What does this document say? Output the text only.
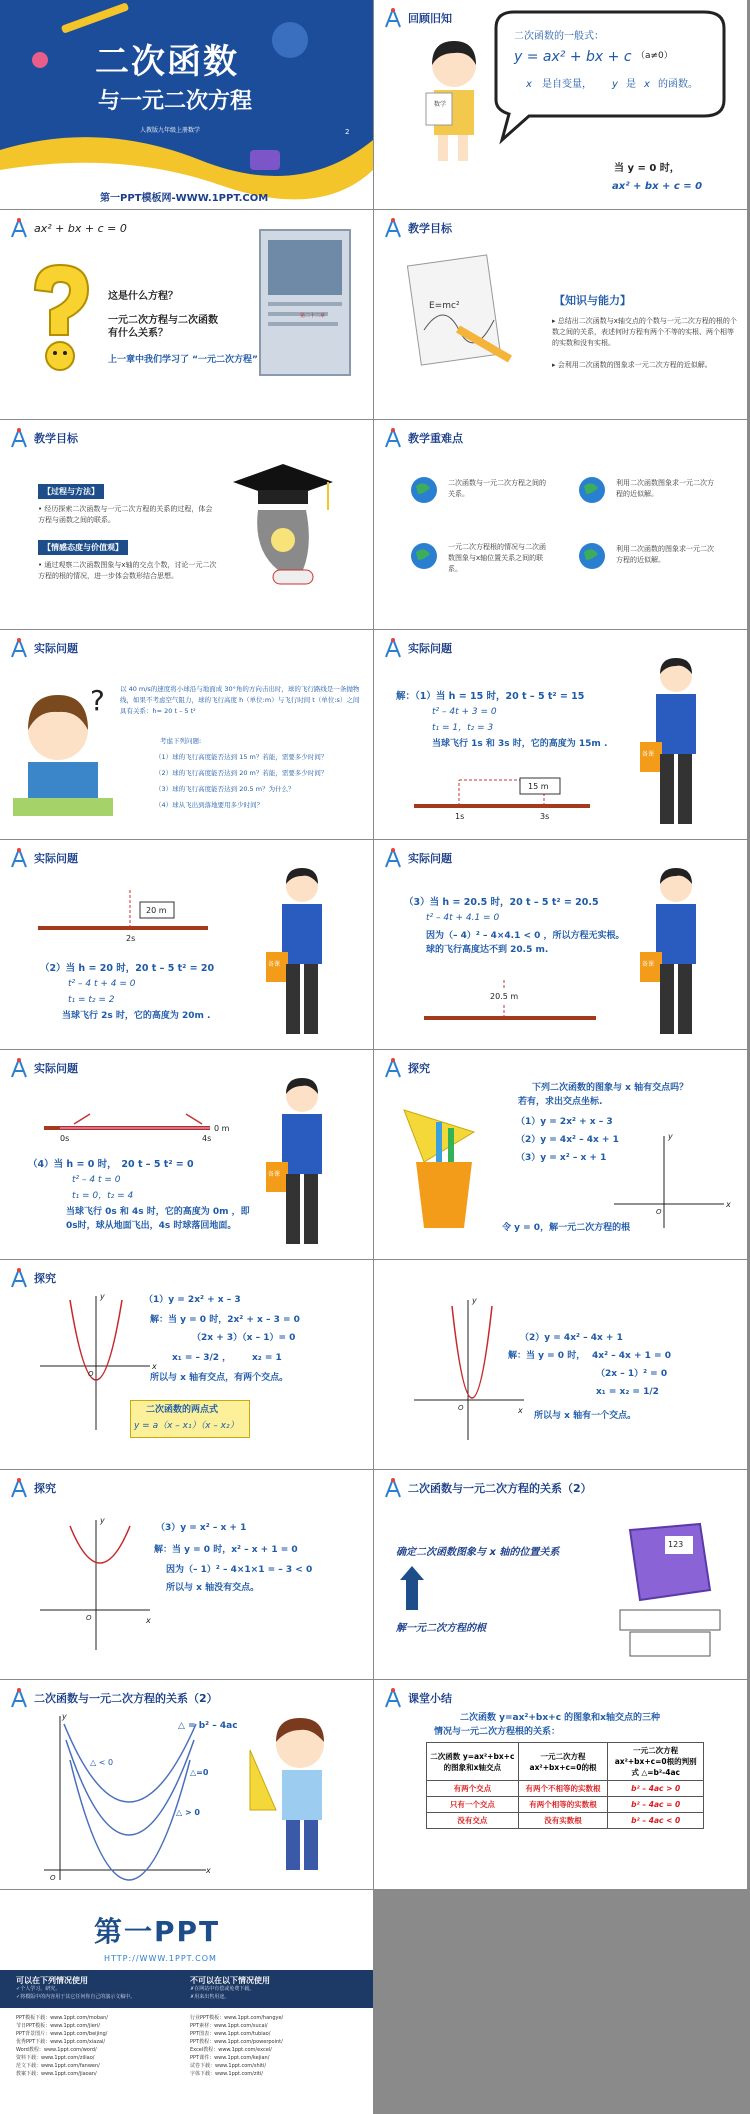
二次函数
与一元二次方程
人教版九年级上册数学	2
第一PPT模板网-WWW.1PPT.COM
回顾旧知
数学
二次函数的一般式：
y = ax² + bx + c （a≠0）
x 是自变量， y 是 x 的函数。
当 y = 0 时，
ax² + bx + c = 0
ax² + bx + c = 0
这是什么方程？
一元二次方程与二次函数
有什么关系？
上一章中我们学习了 “一元二次方程”
第二十二章
教学目标
E=mc²	【知识与能力】
▸ 总结出二次函数与x轴交点的个数与一元二次方程的根的个数之间的关系，表述何时方程有两个不等的实根、两个相等的实数和没有实根。
▸ 会利用二次函数的图象求一元二次方程的近似解。
教学目标
【过程与方法】
• 经历探索二次函数与一元二次方程的关系的过程，体会方程与函数之间的联系。
【情感态度与价值观】
• 通过观察二次函数图象与x轴的交点个数，讨论一元二次方程的根的情况，进一步体会数形结合思想。
教学重难点
二次函数与一元二次方程之间的关系。
利用二次函数图象求一元二次方程的近似解。
一元二次方程根的情况与二次函数图象与x轴位置关系之间的联系。
利用二次函数的图象求一元二次方程的近似解。
实际问题
? 以 40 m/s的速度将小球沿与地面成 30°角的方向击出时，球的飞行路线是一条抛物线，如果不考虑空气阻力，球的飞行高度 h（单位:m）与飞行时间 t（单位:s）之间具有关系：h= 20 t – 5 t²
考虑下列问题:
（1）球的飞行高度能否达到 15 m？若能，需要多少时间？
（2）球的飞行高度能否达到 20 m？若能，需要多少时间？
（3）球的飞行高度能否达到 20.5 m？为什么？
（4）球从飞出到落地要用多少时间？
实际问题
解：（1）当 h = 15 时，20 t – 5 t² = 15
t² – 4t + 3 = 0
t₁ = 1，t₂ = 3
当球飞行 1s 和 3s 时，它的高度为 15m .
15 m
1s	3s
备课
实际问题
20 m
2s
（2）当 h = 20 时，20 t – 5 t² = 20
t² – 4 t + 4 = 0
t₁ = t₂ = 2
当球飞行 2s 时，它的高度为 20m .
备课
实际问题
（3）当 h = 20.5 时，20 t – 5 t² = 20.5
t² – 4t + 4.1 = 0
因为（– 4）² – 4×4.1 < 0 ，所以方程无实根。
球的飞行高度达不到 20.5 m.
20.5 m
备课
实际问题
0 m
0s	4s
（4）当 h = 0 时，　20 t – 5 t² = 0
t² – 4 t = 0
t₁ = 0，t₂ = 4
当球飞行 0s 和 4s 时，它的高度为 0m ，即
0s时，球从地面飞出，4s 时球落回地面。
备课
探究
下列二次函数的图象与 x 轴有交点吗？
若有，求出交点坐标.
（1）y = 2x² + x – 3
（2）y = 4x² – 4x + 1
（3）y = x² – x + 1
令 y = 0，解一元二次方程的根
x
y
O
探究
x
y
O
（1）y = 2x² + x – 3
解：当 y = 0 时，2x² + x – 3 = 0
（2x + 3）（x – 1）= 0
x₁ = – 3/2 ， x₂ = 1
所以与 x 轴有交点，有两个交点。
二次函数的两点式
y = a（x – x₁）（x – x₂）
x
y
O
（2）y = 4x² – 4x + 1
解：当 y = 0 时， 4x² – 4x + 1 = 0
（2x – 1）² = 0
x₁ = x₂ = 1/2
所以与 x 轴有一个交点。
探究
x
y
O
（3）y = x² – x + 1
解：当 y = 0 时，x² – x + 1 = 0
因为（– 1）² – 4×1×1 = – 3 < 0
所以与 x 轴没有交点。
二次函数与一元二次方程的关系（2）
确定二次函数图象与 x 轴的位置关系
解一元二次方程的根
123
二次函数与一元二次方程的关系（2）
x
y
O
△ = b² – 4ac
△ < 0
△=0
△ > 0
课堂小结
二次函数 y=ax²+bx+c 的图象和x轴交点的三种
情况与一元二次方程根的关系：
二次函数 y=ax²+bx+c的图象和x轴交点	一元二次方程 ax²+bx+c=0的根	一元二次方程 ax²+bx+c=0根的判别式 △=b²-4ac
有两个交点	有两个不相等的实数根	b² – 4ac > 0
只有一个交点	有两个相等的实数根	b² – 4ac = 0
没有交点	没有实数根	b² – 4ac < 0
第一PPT
HTTP://WWW.1PPT.COM
可以在下列情况使用
✓个人学习、研究。
✓将模版中的内容用于其它任何你自己的演示文稿中。
不可以在以下情况使用
✗在网站中有偿或免费下载。
✗用来出售用途。
PPT模板下载：www.1ppt.com/moban/
节日PPT模板：www.1ppt.com/jieri/
PPT背景图片：www.1ppt.com/beijing/
优秀PPT下载：www.1ppt.com/xiazai/
Word教程：www.1ppt.com/word/
资料下载：www.1ppt.com/ziliao/
范文下载：www.1ppt.com/fanwen/
教案下载：www.1ppt.com/jiaoan/
行业PPT模板：www.1ppt.com/hangye/
PPT素材：www.1ppt.com/sucai/
PPT图表：www.1ppt.com/tubiao/
PPT教程：www.1ppt.com/powerpoint/
Excel教程：www.1ppt.com/excel/
PPT课件：www.1ppt.com/kejian/
试卷下载：www.1ppt.com/shiti/
字体下载：www.1ppt.com/ziti/
